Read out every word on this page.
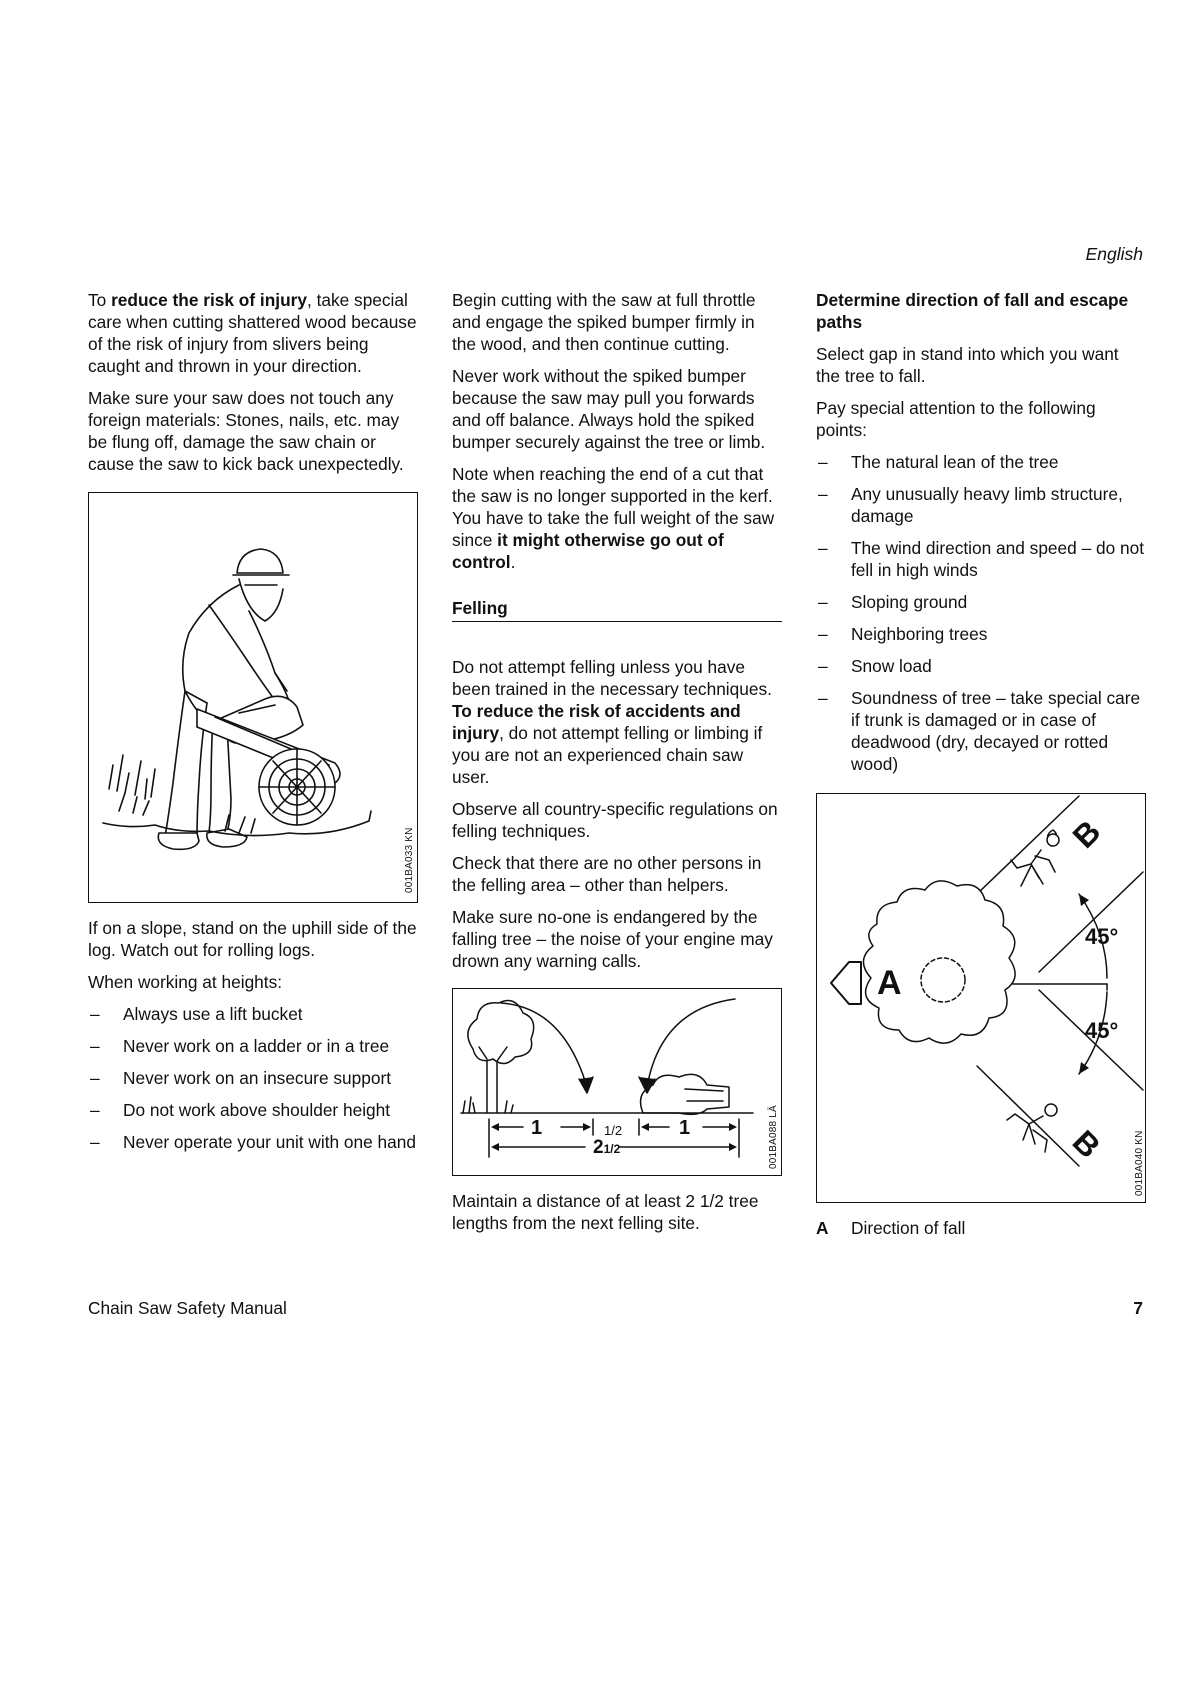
English

To reduce the risk of injury, take special care when cutting shattered wood because of the risk of injury from slivers being caught and thrown in your direction.

Make sure your saw does not touch any foreign materials: Stones, nails, etc. may be flung off, damage the saw chain or cause the saw to kick back unexpectedly.

001BA033 KN

If on a slope, stand on the uphill side of the log. Watch out for rolling logs.

When working at heights:

– Always use a lift bucket
– Never work on a ladder or in a tree
– Never work on an insecure support
– Do not work above shoulder height
– Never operate your unit with one hand

Begin cutting with the saw at full throttle and engage the spiked bumper firmly in the wood, and then continue cutting.

Never work without the spiked bumper because the saw may pull you forwards and off balance. Always hold the spiked bumper securely against the tree or limb.

Note when reaching the end of a cut that the saw is no longer supported in the kerf. You have to take the full weight of the saw since it might otherwise go out of control.

Felling

Do not attempt felling unless you have been trained in the necessary techniques. To reduce the risk of accidents and injury, do not attempt felling or limbing if you are not an experienced chain saw user.

Observe all country-specific regulations on felling techniques.

Check that there are no other persons in the felling area – other than helpers.

Make sure no-one is endangered by the falling tree – the noise of your engine may drown any warning calls.

1	1/2	1
21/2	001BA088 LÄ

Maintain a distance of at least 2 1/2 tree lengths from the next felling site.

Determine direction of fall and escape paths

Select gap in stand into which you want the tree to fall.

Pay special attention to the following points:

– The natural lean of the tree
– Any unusually heavy limb structure, damage
– The wind direction and speed – do not fell in high winds
– Sloping ground
– Neighboring trees
– Snow load
– Soundness of tree – take special care if trunk is damaged or in case of deadwood (dry, decayed or rotted wood)
A
B
B
45°
45°
001BA040 KN
A	Direction of fall
Chain Saw Safety Manual	7
